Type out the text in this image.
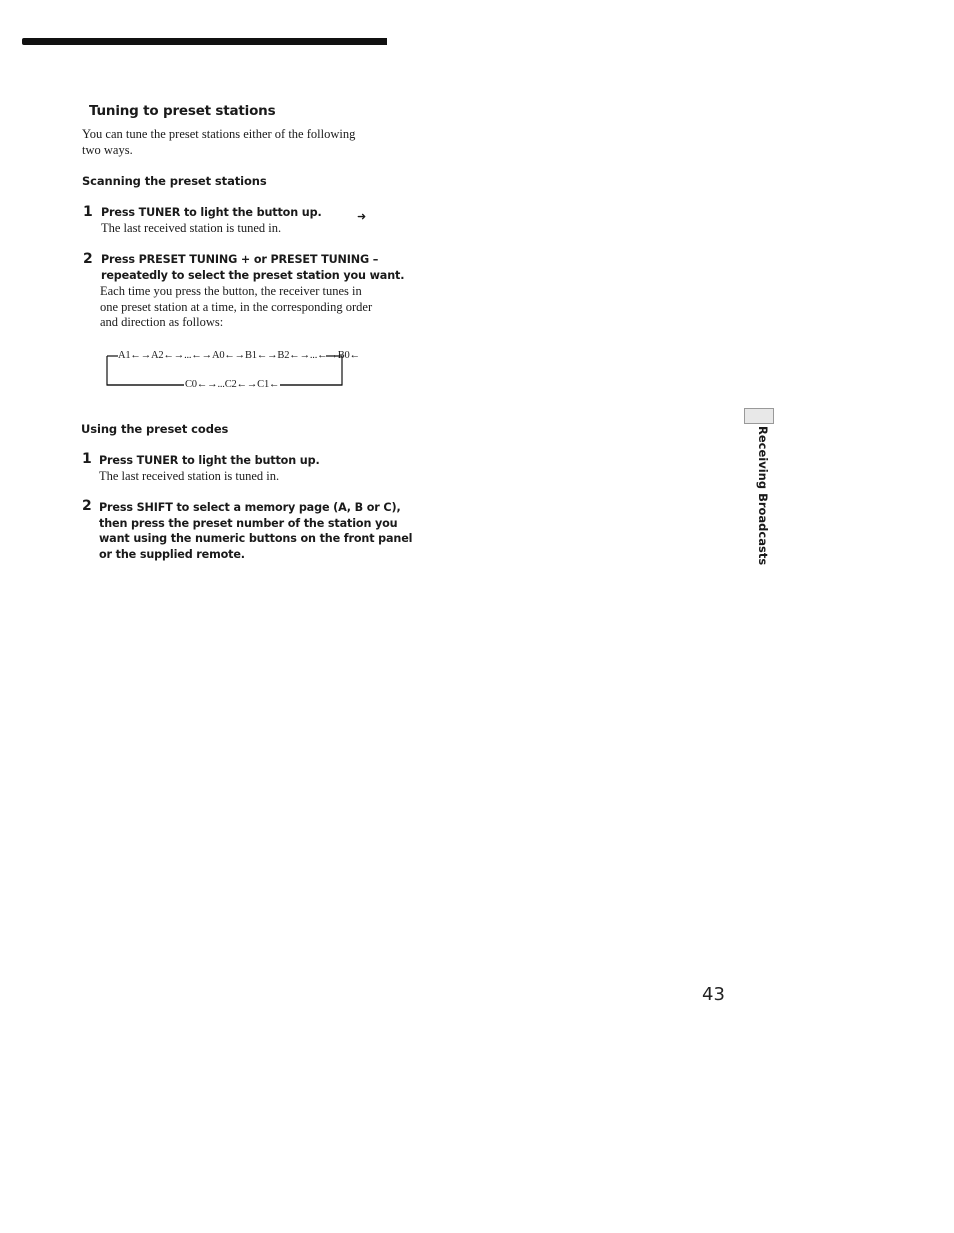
Tuning to preset stations
You can tune the preset stations either of the following
two ways.
Scanning the preset stations
1 Press TUNER to light the button up.	➜
The last received station is tuned in.
2 Press PRESET TUNING + or PRESET TUNING –
repeatedly to select the preset station you want.
Each time you press the button, the receiver tunes in
one preset station at a time, in the corresponding order
and direction as follows:
A1←→A2←→...←→A0←→B1←→B2←→...←→B0←
C0←→...C2←→C1←
Using the preset codes
1 Press TUNER to light the button up.
The last received station is tuned in.
2 Press SHIFT to select a memory page (A, B or C),
then press the preset number of the station you
want using the numeric buttons on the front panel
or the supplied remote.	Receiving Broadcasts
43
